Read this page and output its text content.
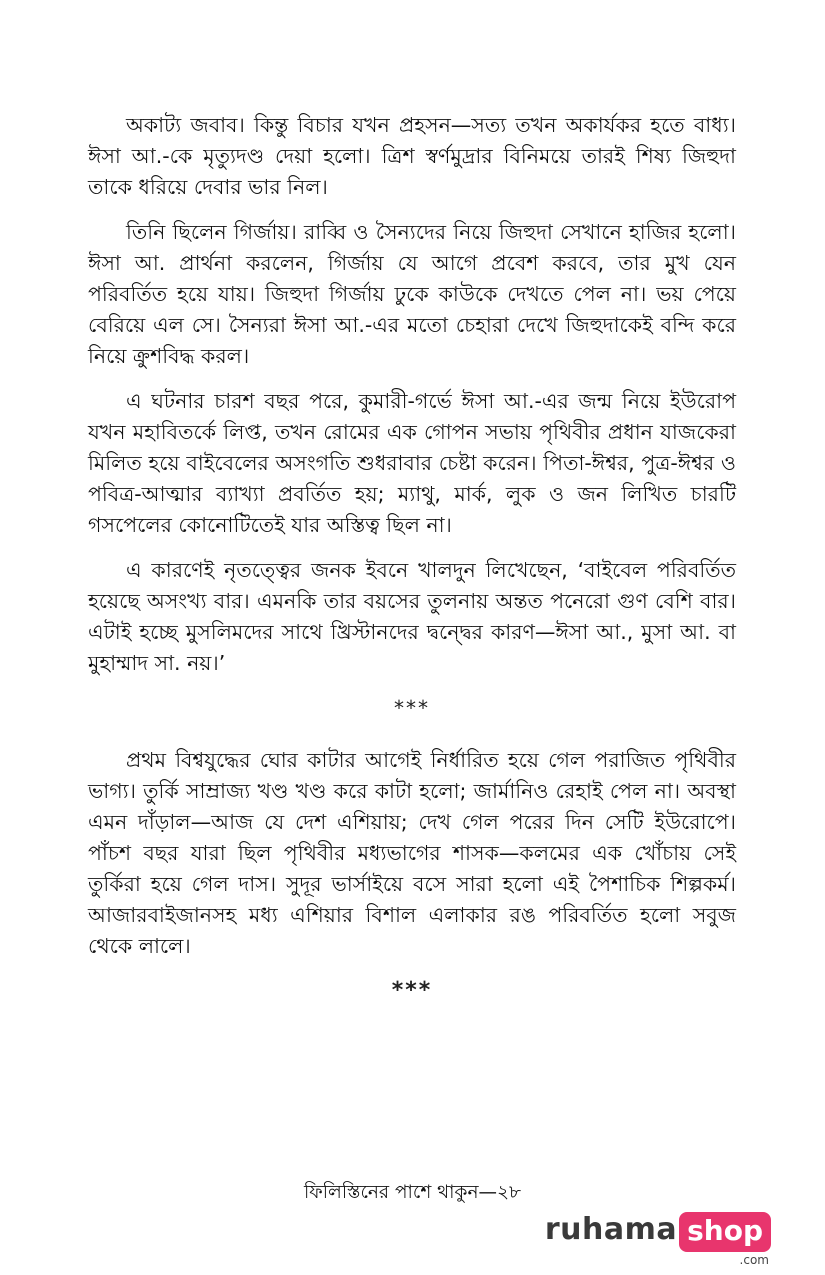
অকাট্য জবাব। কিন্তু বিচার যখন প্রহসন—সত্য তখন অকার্যকর হতে বাধ্য। ঈসা আ.-কে মৃত্যুদণ্ড দেয়া হলো। ত্রিশ স্বর্ণমুদ্রার বিনিময়ে তারই শিষ্য জিহুদা তাকে ধরিয়ে দেবার ভার নিল।

তিনি ছিলেন গির্জায়। রাব্বি ও সৈন্যদের নিয়ে জিহুদা সেখানে হাজির হলো। ঈসা আ. প্রার্থনা করলেন, গির্জায় যে আগে প্রবেশ করবে, তার মুখ যেন পরিবর্তিত হয়ে যায়। জিহুদা গির্জায় ঢুকে কাউকে দেখতে পেল না। ভয় পেয়ে বেরিয়ে এল সে। সৈন্যরা ঈসা আ.-এর মতো চেহারা দেখে জিহুদাকেই বন্দি করে নিয়ে ক্রুশবিদ্ধ করল।

এ ঘটনার চারশ বছর পরে, কুমারী-গর্ভে ঈসা আ.-এর জন্ম নিয়ে ইউরোপ যখন মহাবিতর্কে লিপ্ত, তখন রোমের এক গোপন সভায় পৃথিবীর প্রধান যাজকেরা মিলিত হয়ে বাইবেলের অসংগতি শুধরাবার চেষ্টা করেন। পিতা-ঈশ্বর, পুত্র-ঈশ্বর ও পবিত্র-আত্মার ব্যাখ্যা প্রবর্তিত হয়; ম্যাথু, মার্ক, লুক ও জন লিখিত চারটি গসপেলের কোনোটিতেই যার অস্তিত্ব ছিল না।

এ কারণেই নৃতত্ত্বের জনক ইবনে খালদুন লিখেছেন, ‘বাইবেল পরিবর্তিত হয়েছে অসংখ্য বার। এমনকি তার বয়সের তুলনায় অন্তত পনেরো গুণ বেশি বার। এটাই হচ্ছে মুসলিমদের সাথে খ্রিস্টানদের দ্বন্দ্বের কারণ—ঈসা আ., মুসা আ. বা মুহাম্মাদ সা. নয়।’

***

প্রথম বিশ্বযুদ্ধের ঘোর কাটার আগেই নির্ধারিত হয়ে গেল পরাজিত পৃথিবীর ভাগ্য। তুর্কি সাম্রাজ্য খণ্ড খণ্ড করে কাটা হলো; জার্মানিও রেহাই পেল না। অবস্থা এমন দাঁড়াল—আজ যে দেশ এশিয়ায়; দেখ গেল পরের দিন সেটি ইউরোপে। পাঁচশ বছর যারা ছিল পৃথিবীর মধ্যভাগের শাসক—কলমের এক খোঁচায় সেই তুর্কিরা হয়ে গেল দাস। সুদূর ভার্সাইয়ে বসে সারা হলো এই পৈশাচিক শিল্পকর্ম। আজারবাইজানসহ মধ্য এশিয়ার বিশাল এলাকার রঙ পরিবর্তিত হলো সবুজ থেকে লালে।

***
ফিলিস্তিনের পাশে থাকুন—২৮
ruhama shop
.com
